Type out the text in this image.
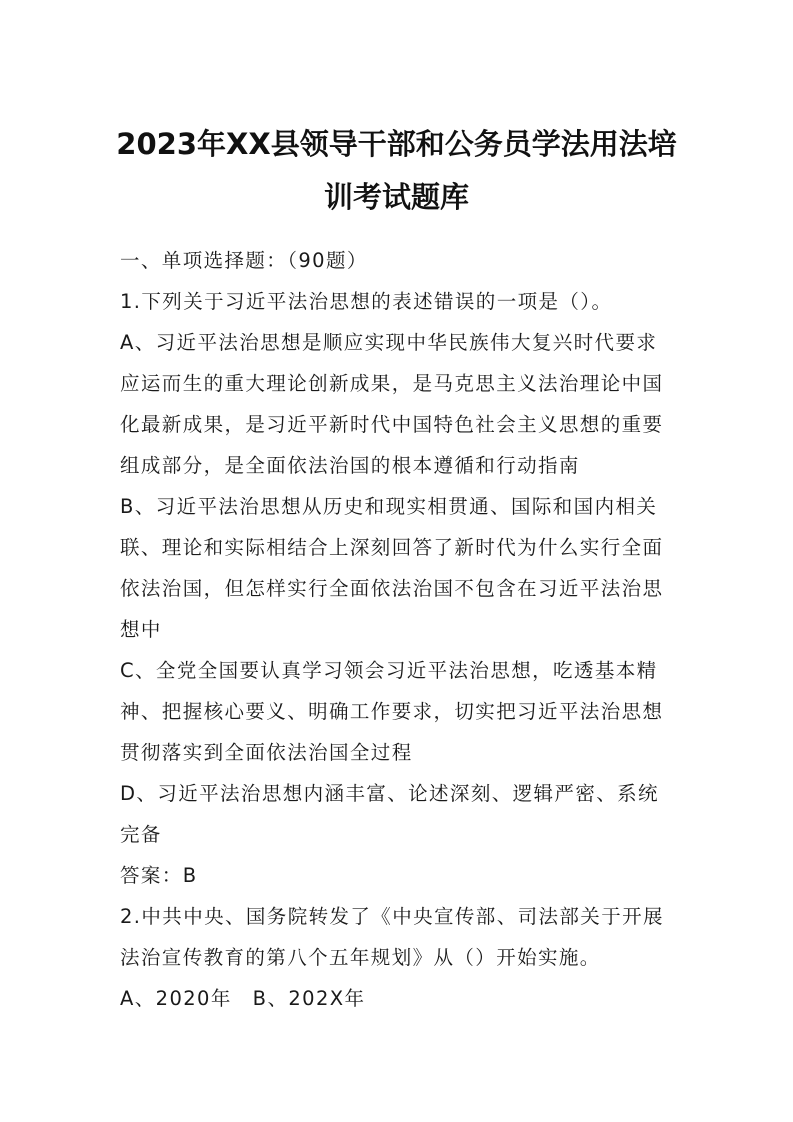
2023年XX县领导干部和公务员学法用法培
训考试题库

一、单项选择题：（90题）

1.下列关于习近平法治思想的表述错误的一项是（）。

A、习近平法治思想是顺应实现中华民族伟大复兴时代要求应运而生的重大理论创新成果，是马克思主义法治理论中国化最新成果，是习近平新时代中国特色社会主义思想的重要组成部分，是全面依法治国的根本遵循和行动指南

B、习近平法治思想从历史和现实相贯通、国际和国内相关联、理论和实际相结合上深刻回答了新时代为什么实行全面依法治国，但怎样实行全面依法治国不包含在习近平法治思想中

C、全党全国要认真学习领会习近平法治思想，吃透基本精神、把握核心要义、明确工作要求，切实把习近平法治思想贯彻落实到全面依法治国全过程

D、习近平法治思想内涵丰富、论述深刻、逻辑严密、系统完备

答案：B

2.中共中央、国务院转发了《中央宣传部、司法部关于开展法治宣传教育的第八个五年规划》从（）开始实施。

A、2020年　B、202X年
